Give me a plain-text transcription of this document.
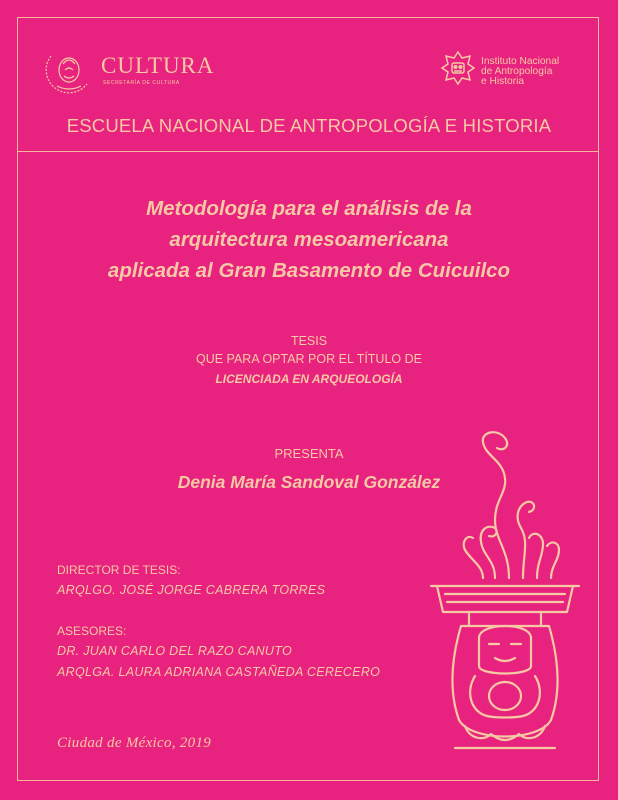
CULTURA
SECRETARÍA DE CULTURA
Instituto Nacional
de Antropología
e Historia
ESCUELA NACIONAL DE ANTROPOLOGÍA E HISTORIA
Metodología para el análisis de la
arquitectura mesoamericana
aplicada al Gran Basamento de Cuicuilco
TESIS
QUE PARA OPTAR POR EL TÍTULO DE
LICENCIADA EN ARQUEOLOGÍA
PRESENTA
Denia María Sandoval González
DIRECTOR DE TESIS:
ARQLGO. JOSÉ JORGE CABRERA TORRES
ASESORES:
DR. JUAN CARLO DEL RAZO CANUTO
ARQLGA. LAURA ADRIANA CASTAÑEDA CERECERO
Ciudad de México, 2019
